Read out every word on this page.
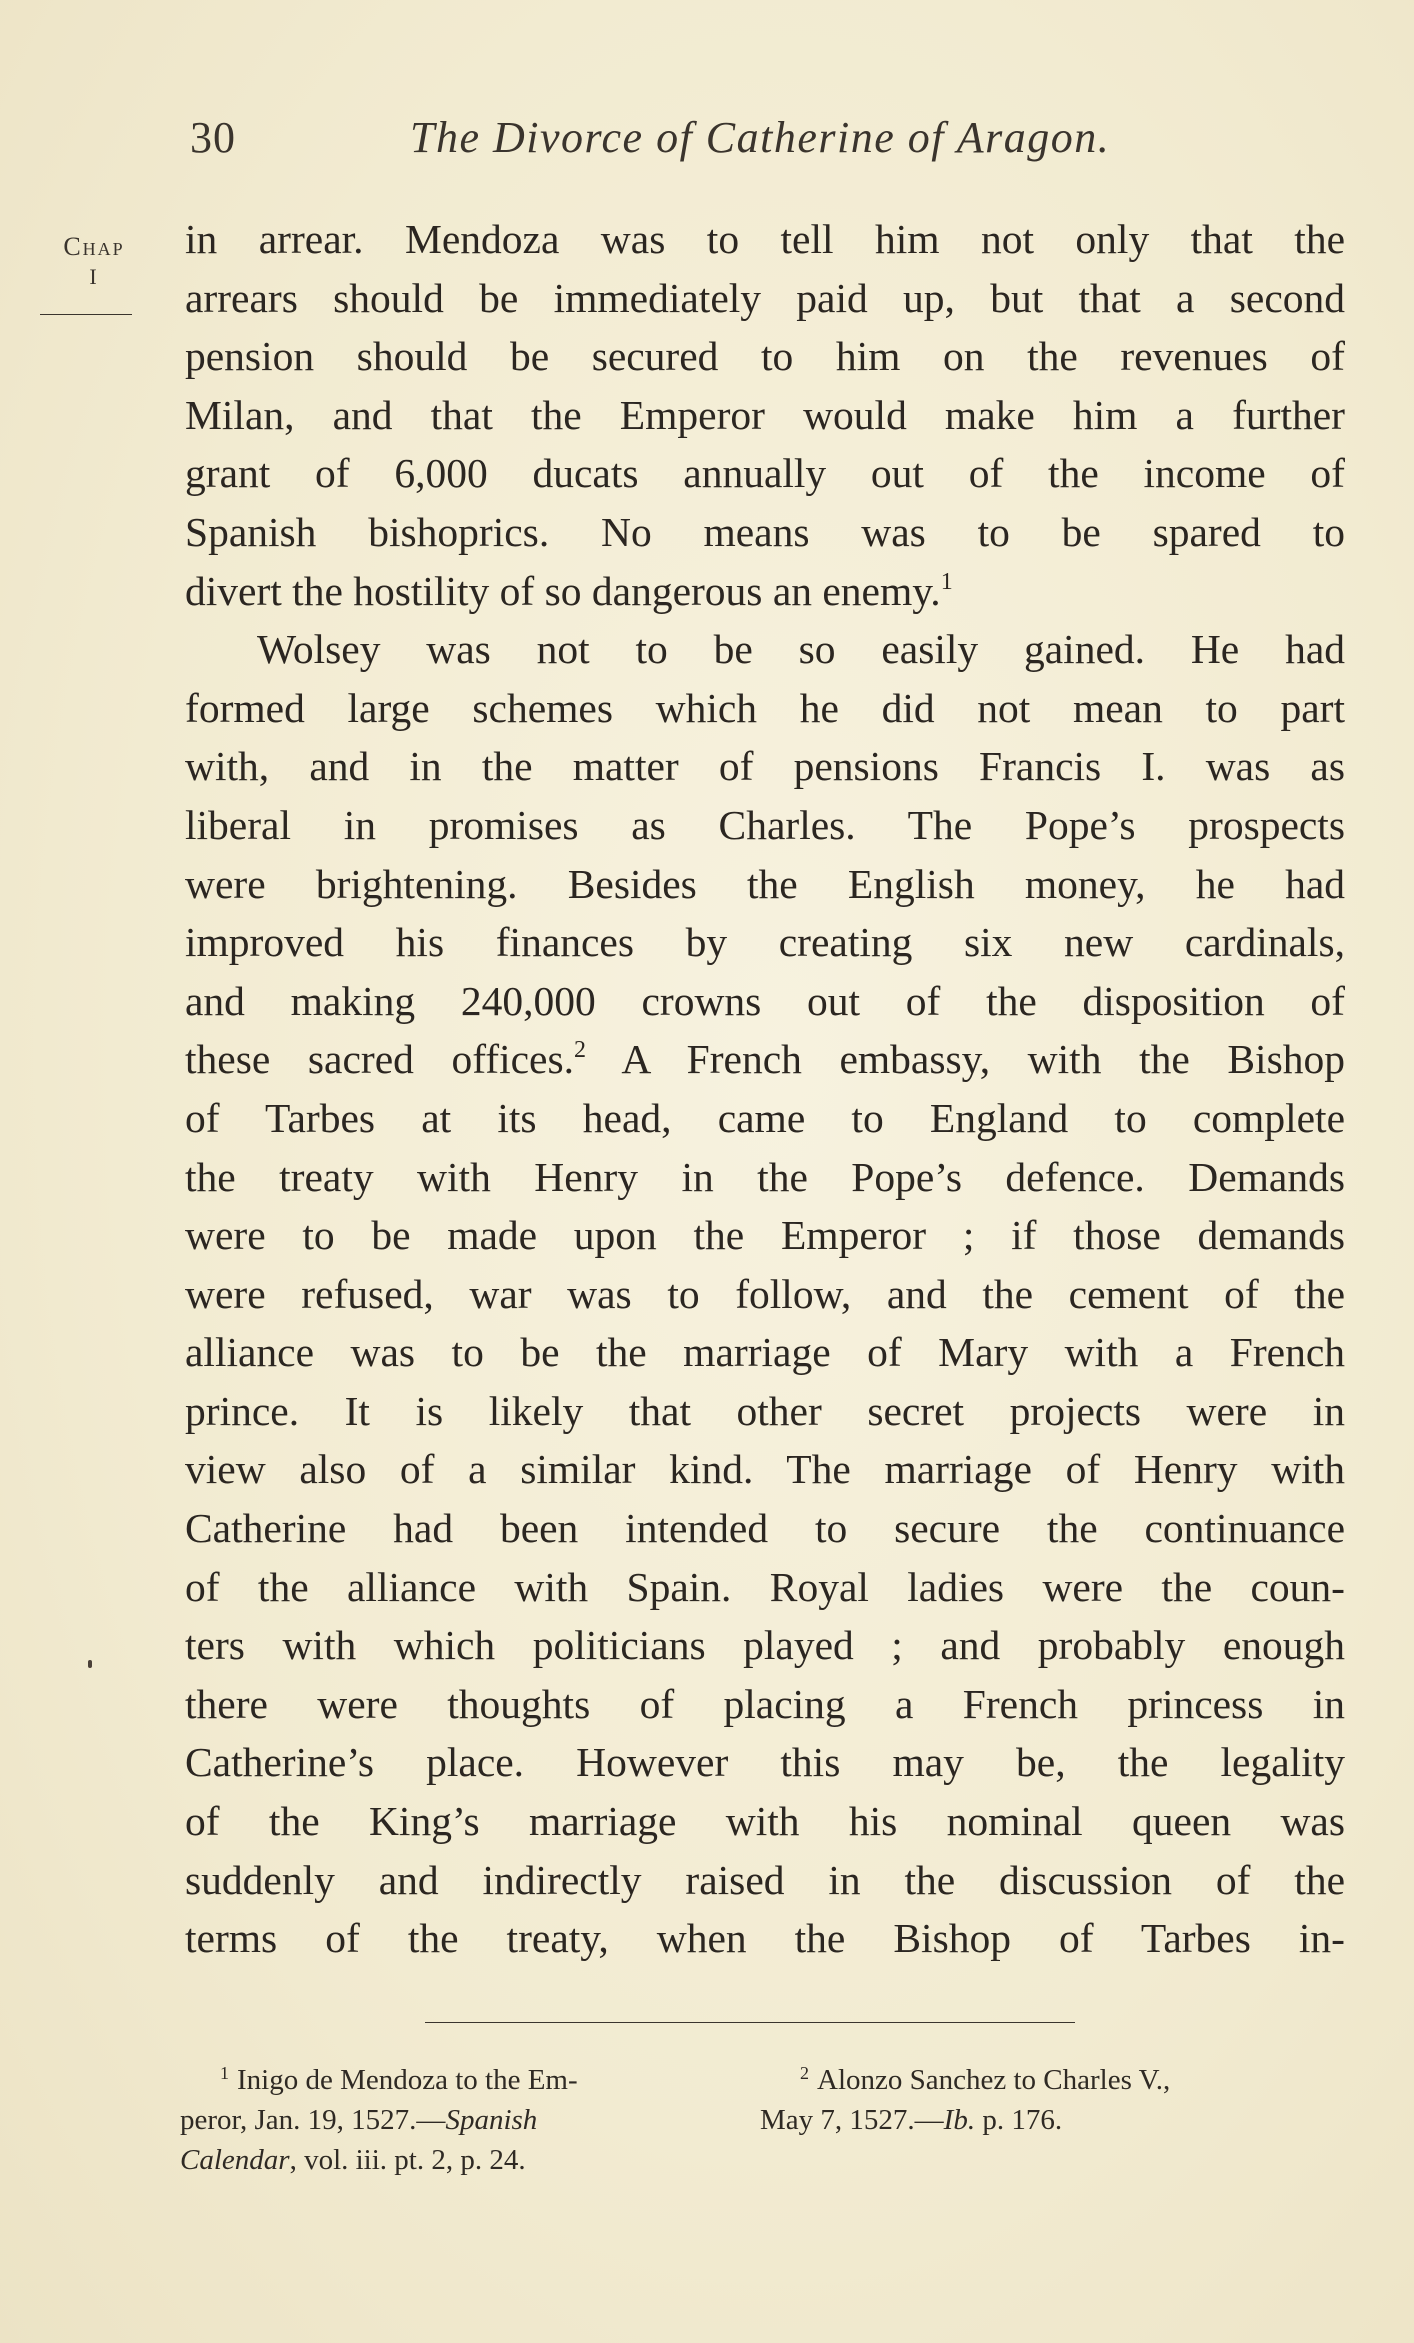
30	The Divorce of Catherine of Aragon.
Chap
I
in arrear. Mendoza was to tell him not only that the
arrears should be immediately paid up, but that a second
pension should be secured to him on the revenues of
Milan, and that the Emperor would make him a further
grant of 6,000 ducats annually out of the income of
Spanish bishoprics. No means was to be spared to
divert the hostility of so dangerous an enemy.$^1$
Wolsey was not to be so easily gained. He had
formed large schemes which he did not mean to part
with, and in the matter of pensions Francis I. was as
liberal in promises as Charles. The Pope’s prospects
were brightening. Besides the English money, he had
improved his finances by creating six new cardinals,
and making 240,000 crowns out of the disposition of
these sacred offices.$^2$ A French embassy, with the Bishop
of Tarbes at its head, came to England to complete
the treaty with Henry in the Pope’s defence. Demands
were to be made upon the Emperor ; if those demands
were refused, war was to follow, and the cement of the
alliance was to be the marriage of Mary with a French
prince. It is likely that other secret projects were in
view also of a similar kind. The marriage of Henry with
Catherine had been intended to secure the continuance
of the alliance with Spain. Royal ladies were the coun-
ters with which politicians played ; and probably enough
there were thoughts of placing a French princess in
Catherine’s place. However this may be, the legality
of the King’s marriage with his nominal queen was
suddenly and indirectly raised in the discussion of the
terms of the treaty, when the Bishop of Tarbes in-
$^1$ Inigo de Mendoza to the Em-
peror, Jan. 19, 1527.—Spanish
Calendar, vol. iii. pt. 2, p. 24.
$^2$ Alonzo Sanchez to Charles V.,
May 7, 1527.—Ib. p. 176.
